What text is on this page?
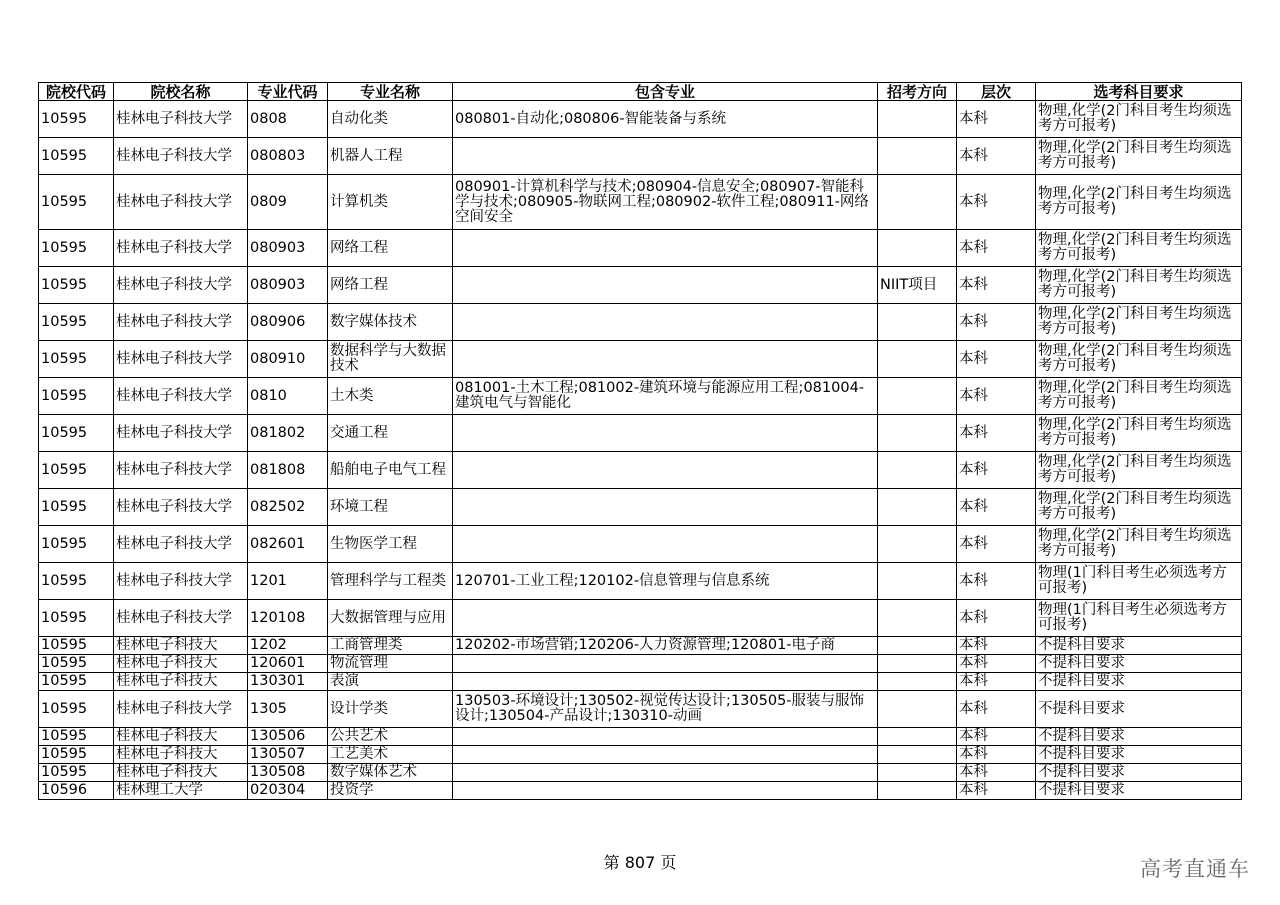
院校代码	院校名称	专业代码	专业名称	包含专业	招考方向	层次	选考科目要求
10595	桂林电子科技大学	0808	自动化类	080801-自动化;080806-智能装备与系统		本科	物理,化学(2门科目考生均须选考方可报考)
10595	桂林电子科技大学	080803	机器人工程			本科	物理,化学(2门科目考生均须选考方可报考)
10595	桂林电子科技大学	0809	计算机类	080901-计算机科学与技术;080904-信息安全;080907-智能科学与技术;080905-物联网工程;080902-软件工程;080911-网络空间安全		本科	物理,化学(2门科目考生均须选考方可报考)
10595	桂林电子科技大学	080903	网络工程			本科	物理,化学(2门科目考生均须选考方可报考)
10595	桂林电子科技大学	080903	网络工程		NIIT项目	本科	物理,化学(2门科目考生均须选考方可报考)
10595	桂林电子科技大学	080906	数字媒体技术			本科	物理,化学(2门科目考生均须选考方可报考)
10595	桂林电子科技大学	080910	数据科学与大数据技术			本科	物理,化学(2门科目考生均须选考方可报考)
10595	桂林电子科技大学	0810	土木类	081001-土木工程;081002-建筑环境与能源应用工程;081004-建筑电气与智能化		本科	物理,化学(2门科目考生均须选考方可报考)
10595	桂林电子科技大学	081802	交通工程			本科	物理,化学(2门科目考生均须选考方可报考)
10595	桂林电子科技大学	081808	船舶电子电气工程			本科	物理,化学(2门科目考生均须选考方可报考)
10595	桂林电子科技大学	082502	环境工程			本科	物理,化学(2门科目考生均须选考方可报考)
10595	桂林电子科技大学	082601	生物医学工程			本科	物理,化学(2门科目考生均须选考方可报考)
10595	桂林电子科技大学	1201	管理科学与工程类	120701-工业工程;120102-信息管理与信息系统		本科	物理(1门科目考生必须选考方可报考)
10595	桂林电子科技大学	120108	大数据管理与应用			本科	物理(1门科目考生必须选考方可报考)
10595	桂林电子科技大	1202	工商管理类	120202-市场营销;120206-人力资源管理;120801-电子商		本科	不提科目要求
10595	桂林电子科技大	120601	物流管理			本科	不提科目要求
10595	桂林电子科技大	130301	表演			本科	不提科目要求
10595	桂林电子科技大学	1305	设计学类	130503-环境设计;130502-视觉传达设计;130505-服装与服饰设计;130504-产品设计;130310-动画		本科	不提科目要求
10595	桂林电子科技大	130506	公共艺术			本科	不提科目要求
10595	桂林电子科技大	130507	工艺美术			本科	不提科目要求
10595	桂林电子科技大	130508	数字媒体艺术			本科	不提科目要求
10596	桂林理工大学	020304	投资学			本科	不提科目要求
第 807 页	高考直通车
